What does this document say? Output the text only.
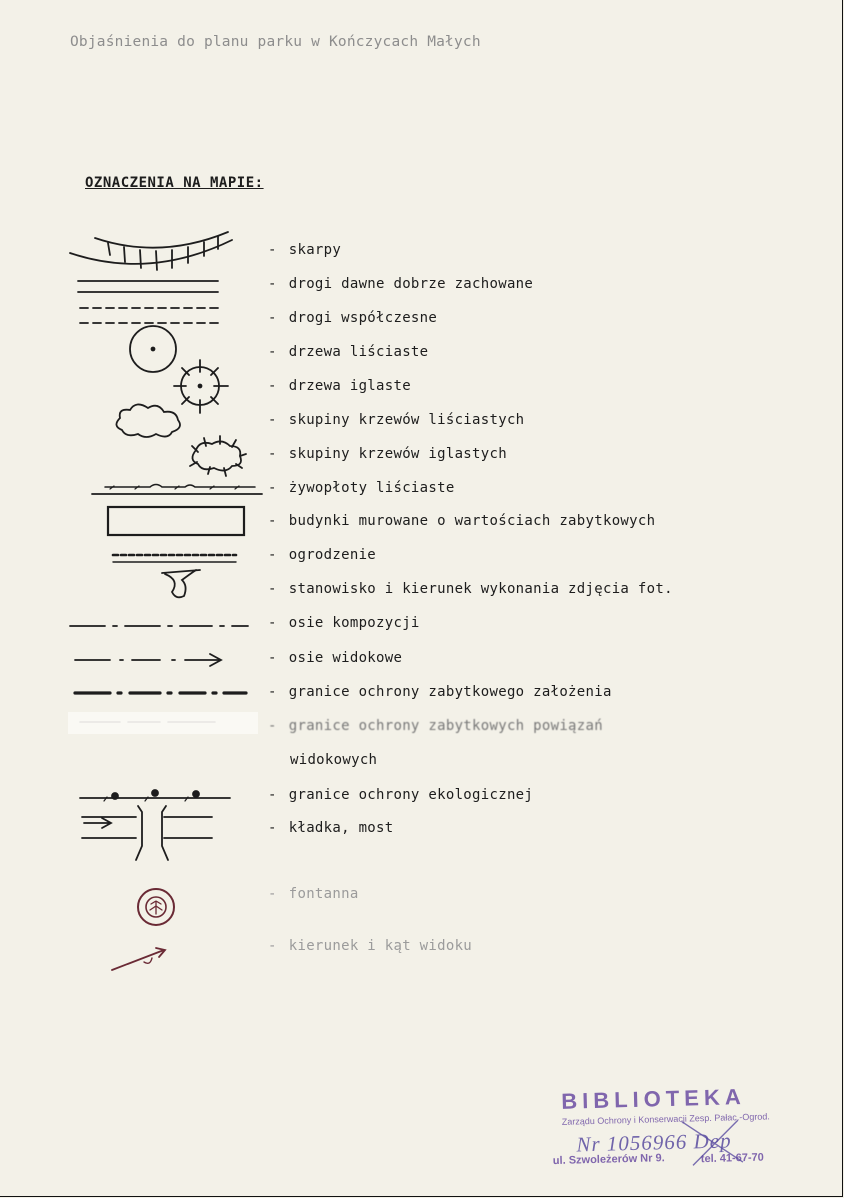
Objaśnienia do planu parku w Kończycach Małych
OZNACZENIA NA MAPIE:
- skarpy
- drogi dawne dobrze zachowane
- drogi współczesne
- drzewa liściaste
- drzewa iglaste
- skupiny krzewów liściastych
- skupiny krzewów iglastych
- żywopłoty liściaste
- budynki murowane o wartościach zabytkowych
- ogrodzenie
- stanowisko i kierunek wykonania zdjęcia fot.
- osie kompozycji
- osie widokowe
- granice ochrony zabytkowego założenia
- granice ochrony zabytkowych powiązań
widokowych
- granice ochrony ekologicznej
- kładka, most
- fontanna
- kierunek i kąt widoku
BIBLIOTEKA
Zarządu Ochrony i Konserwacji Zesp. Pałac.-Ogrod.
Nr 1056966 Dep
ul. Szwoleżerów Nr 9.	tel. 41-67-70
